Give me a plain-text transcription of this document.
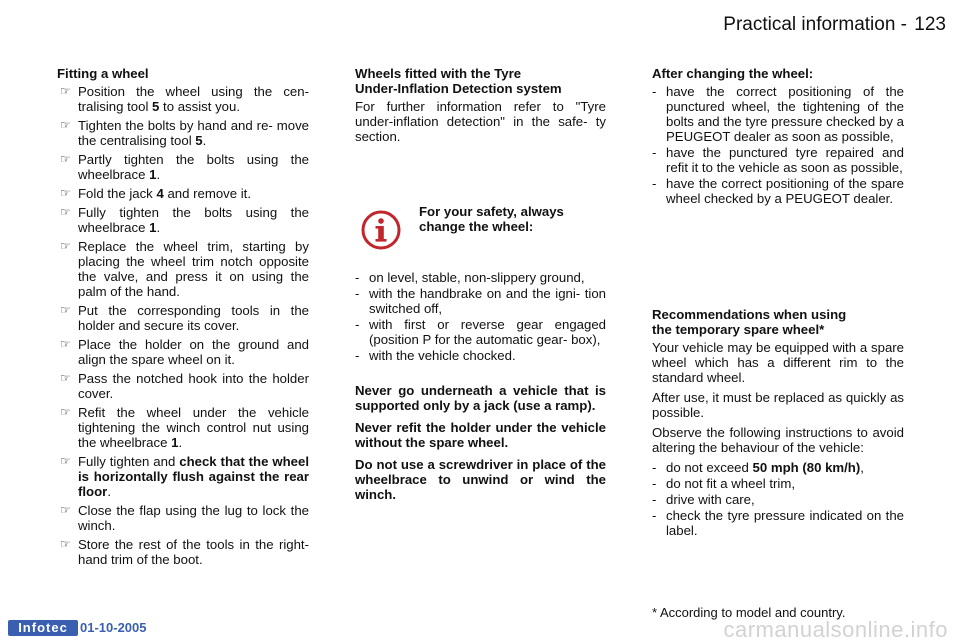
Practical information - 123
Fitting a wheel
☞ Position the wheel using the cen- tralising tool 5 to assist you.
☞ Tighten the bolts by hand and re- move the centralising tool 5.
☞ Partly tighten the bolts using the wheelbrace 1.
☞ Fold the jack 4 and remove it.
☞ Fully tighten the bolts using the wheelbrace 1.
☞ Replace the wheel trim, starting by placing the wheel trim notch opposite the valve, and press it on using the palm of the hand.
☞ Put the corresponding tools in the holder and secure its cover.
☞ Place the holder on the ground and align the spare wheel on it.
☞ Pass the notched hook into the holder cover.
☞ Refit the wheel under the vehicle tightening the winch control nut using the wheelbrace 1.
☞ Fully tighten and check that the wheel is horizontally flush against the rear floor.
☞ Close the flap using the lug to lock the winch.
☞ Store the rest of the tools in the right-hand trim of the boot.
Wheels fitted with the Tyre
Under-Inflation Detection system

For further information refer to "Tyre under-inflation detection" in the safe- ty section.

For your safety, always change the wheel:
- on level, stable, non-slippery ground,
- with the handbrake on and the igni- tion switched off,
- with first or reverse gear engaged (position P for the automatic gear- box),
- with the vehicle chocked.

Never go underneath a vehicle that is supported only by a jack (use a ramp).

Never refit the holder under the vehicle without the spare wheel.

Do not use a screwdriver in place of the wheelbrace to unwind or wind the winch.

After changing the wheel:
- have the correct positioning of the punctured wheel, the tightening of the bolts and the tyre pressure checked by a PEUGEOT dealer as soon as possible,
- have the punctured tyre repaired and refit it to the vehicle as soon as possible,
- have the correct positioning of the spare wheel checked by a PEUGEOT dealer.
Recommendations when using
the temporary spare wheel*

Your vehicle may be equipped with a spare wheel which has a different rim to the standard wheel.

After use, it must be replaced as quickly as possible.

Observe the following instructions to avoid altering the behaviour of the vehicle:

- do not exceed 50 mph (80 km/h),
- do not fit a wheel trim,
- drive with care,
- check the tyre pressure indicated on the label.
* According to model and country.
Infotec 01-10-2005	carmanualsonline.info
